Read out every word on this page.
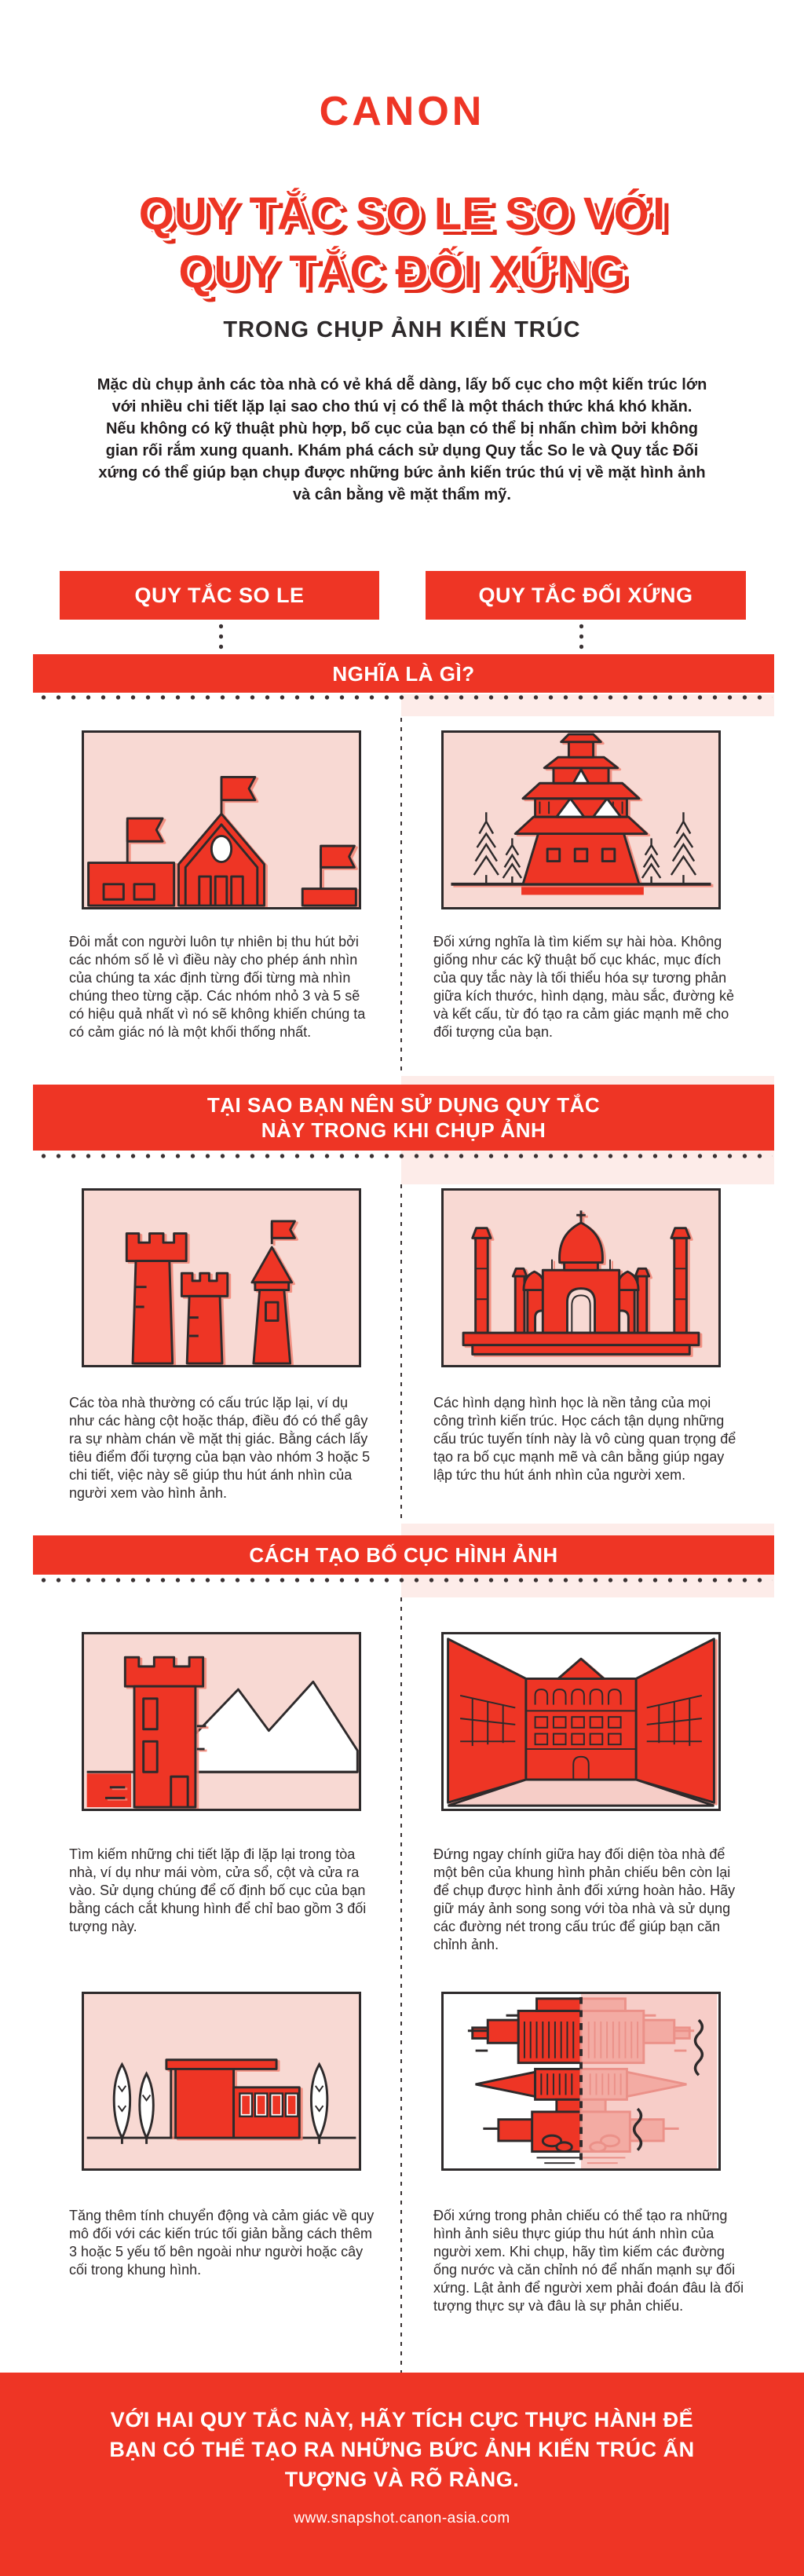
CANON
QUY TẮC SO LE SO VỚI
QUY TẮC ĐỐI XỨNG
TRONG CHỤP ẢNH KIẾN TRÚC
Mặc dù chụp ảnh các tòa nhà có vẻ khá dễ dàng, lấy bố cục cho một kiến trúc lớn với nhiều chi tiết lặp lại sao cho thú vị có thể là một thách thức khá khó khăn. Nếu không có kỹ thuật phù hợp, bố cục của bạn có thể bị nhấn chìm bởi không gian rối rắm xung quanh. Khám phá cách sử dụng Quy tắc So le và Quy tắc Đối xứng có thể giúp bạn chụp được những bức ảnh kiến trúc thú vị về mặt hình ảnh và cân bằng về mặt thẩm mỹ.
QUY TẮC SO LE	QUY TẮC ĐỐI XỨNG
NGHĨA LÀ GÌ?
Đôi mắt con người luôn tự nhiên bị thu hút bởi các nhóm số lẻ vì điều này cho phép ánh nhìn của chúng ta xác định từng đối từng mà nhìn chúng theo từng cặp. Các nhóm nhỏ 3 và 5 sẽ có hiệu quả nhất vì nó sẽ không khiến chúng ta có cảm giác nó là một khối thống nhất.
Đối xứng nghĩa là tìm kiếm sự hài hòa. Không giống như các kỹ thuật bố cục khác, mục đích của quy tắc này là tối thiểu hóa sự tương phản giữa kích thước, hình dạng, màu sắc, đường kẻ và kết cấu, từ đó tạo ra cảm giác mạnh mẽ cho đối tượng của bạn.
TẠI SAO BẠN NÊN SỬ DỤNG QUY TẮC
NÀY TRONG KHI CHỤP ẢNH
Các tòa nhà thường có cấu trúc lặp lại, ví dụ như các hàng cột hoặc tháp, điều đó có thể gây ra sự nhàm chán về mặt thị giác. Bằng cách lấy tiêu điểm đối tượng của bạn vào nhóm 3 hoặc 5 chi tiết, việc này sẽ giúp thu hút ánh nhìn của người xem vào hình ảnh.
Các hình dạng hình học là nền tảng của mọi công trình kiến trúc. Học cách tận dụng những cấu trúc tuyến tính này là vô cùng quan trọng để tạo ra bố cục mạnh mẽ và cân bằng giúp ngay lập tức thu hút ánh nhìn của người xem.
CÁCH TẠO BỐ CỤC HÌNH ẢNH
Tìm kiếm những chi tiết lặp đi lặp lại trong tòa nhà, ví dụ như mái vòm, cửa sổ, cột và cửa ra vào. Sử dụng chúng để cố định bố cục của bạn bằng cách cắt khung hình để chỉ bao gồm 3 đối tượng này.
Đứng ngay chính giữa hay đối diện tòa nhà để một bên của khung hình phản chiếu bên còn lại để chụp được hình ảnh đối xứng hoàn hảo. Hãy giữ máy ảnh song song với tòa nhà và sử dụng các đường nét trong cấu trúc để giúp bạn căn chỉnh ảnh.
Tăng thêm tính chuyển động và cảm giác về quy mô đối với các kiến trúc tối giản bằng cách thêm 3 hoặc 5 yếu tố bên ngoài như người hoặc cây cối trong khung hình.
Đối xứng trong phản chiếu có thể tạo ra những hình ảnh siêu thực giúp thu hút ánh nhìn của người xem. Khi chụp, hãy tìm kiếm các đường ống nước và căn chỉnh nó để nhấn mạnh sự đối xứng. Lật ảnh để người xem phải đoán đâu là đối tượng thực sự và đâu là sự phản chiếu.
VỚI HAI QUY TẮC NÀY, HÃY TÍCH CỰC THỰC HÀNH ĐỂ BẠN CÓ THỂ TẠO RA NHỮNG BỨC ẢNH KIẾN TRÚC ẤN TƯỢNG VÀ RÕ RÀNG.
www.snapshot.canon-asia.com
